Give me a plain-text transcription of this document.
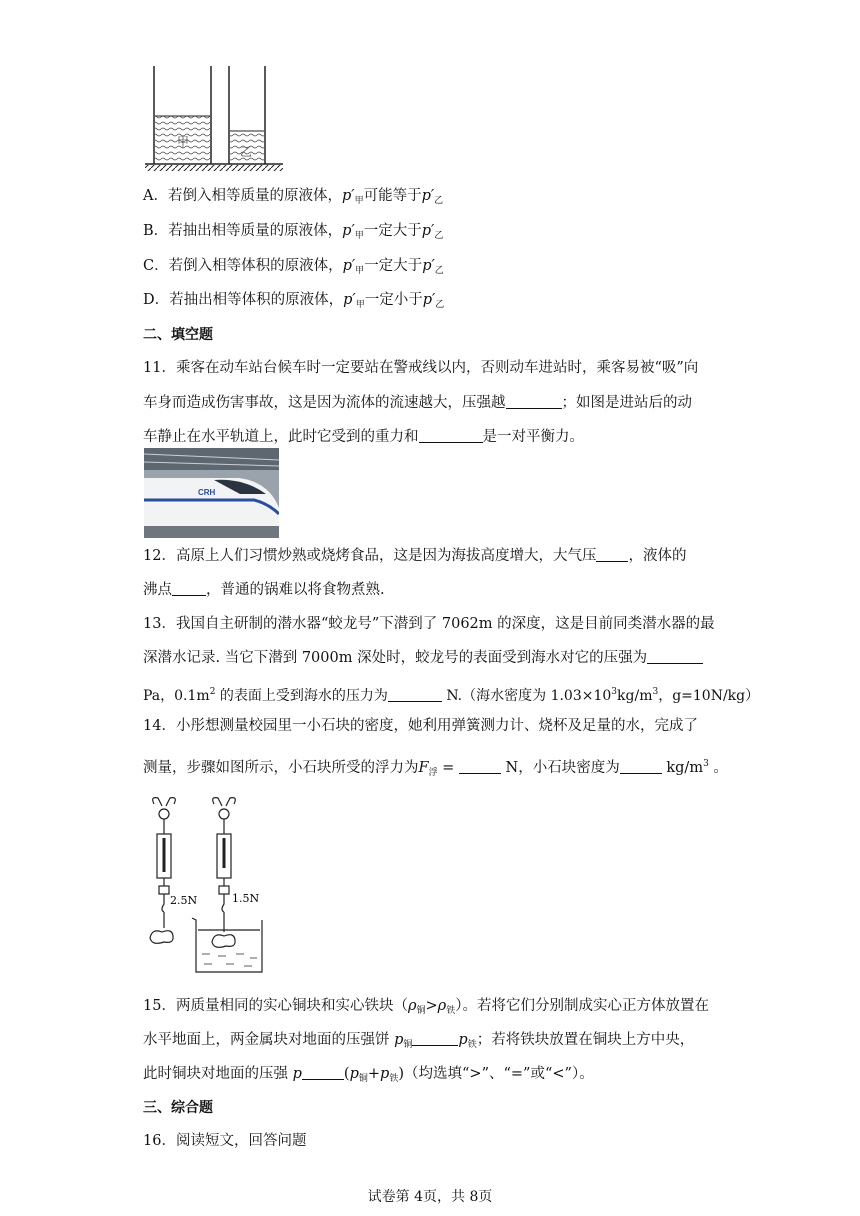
甲
乙
A．若倒入相等质量的原液体，$p'_甲$可能等于$p'_乙$
B．若抽出相等质量的原液体，$p'_甲$一定大于$p'_乙$
C．若倒入相等体积的原液体，$p'_甲$一定大于$p'_乙$
D．若抽出相等体积的原液体，$p'_甲$一定小于$p'_乙$
二、填空题
11．乘客在动车站台候车时一定要站在警戒线以内，否则动车进站时，乘客易被“吸”向
车身而造成伤害事故，这是因为流体的流速越大，压强越	；如图是进站后的动
车静止在水平轨道上，此时它受到的重力和	是一对平衡力。
CRH
12．高原上人们习惯炒熟或烧烤食品，这是因为海拔高度增大，大气压 ，液体的
沸点 ，普通的锅难以将食物煮熟.
13．我国自主研制的潜水器“蛟龙号”下潜到了 7062m 的深度，这是目前同类潜水器的最
深潜水记录. 当它下潜到 7000m 深处时，蛟龙号的表面受到海水对它的压强为
Pa，$0.1m^2$ 的表面上受到海水的压力为	N.（海水密度为 $1.03\times 10^3kg/m^3$，g=10N/kg）
14．小彤想测量校园里一小石块的密度，她利用弹簧测力计、烧杯及足量的水，完成了
测量，步骤如图所示，小石块所受的浮力为$F_浮$ =	N，小石块密度为	$kg/m^3$ 。
2.5N	1.5N
15．两质量相同的实心铜块和实心铁块$(\rho_铜>\rho_铁)$。若将它们分别制成实心正方体放置在
水平地面上，两金属块对地面的压强饼 $p_铜$	$p_铁$；若将铁块放置在铜块上方中央，
此时铜块对地面的压强 p	$(p_铜+p_铁)$（均选填“>”、“=”或“<”）。
三、综合题
16．阅读短文，回答问题
试卷第 4页，共 8页
